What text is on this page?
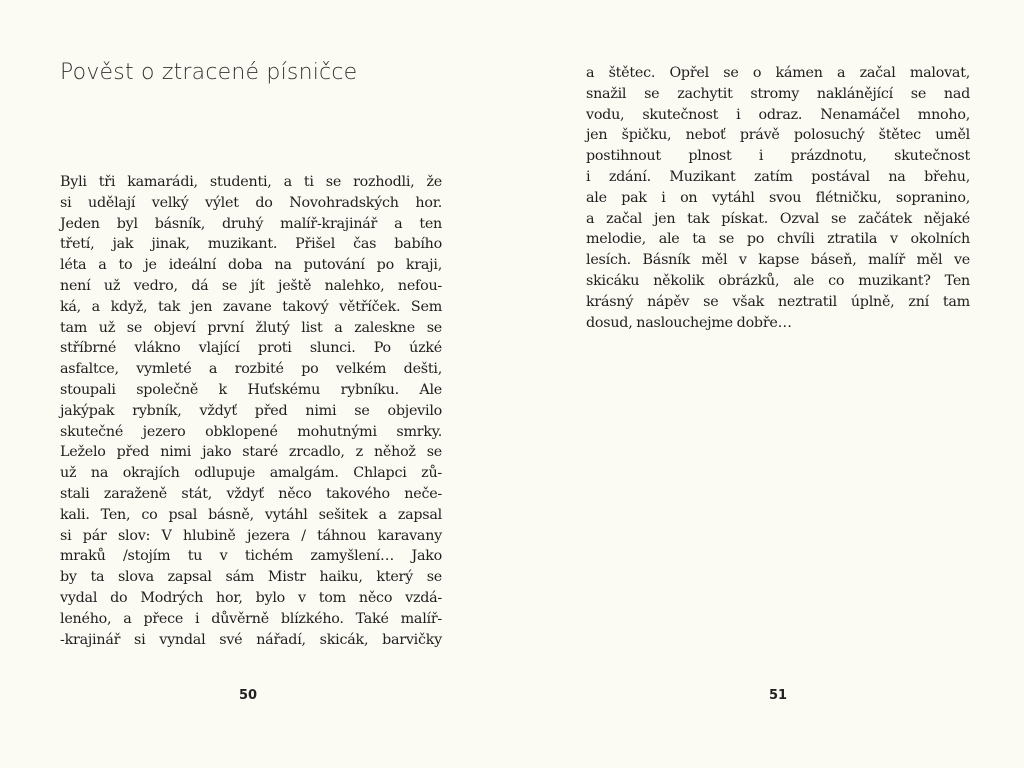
Pověst o ztracené písničce
Byli tři kamarádi, studenti, a ti se rozhodli, že
si udělají velký výlet do Novohradských hor.
Jeden byl básník, druhý malíř-krajinář a ten
třetí, jak jinak, muzikant. Přišel čas babího
léta a to je ideální doba na putování po kraji,
není už vedro, dá se jít ještě nalehko, nefou-
ká, a když, tak jen zavane takový větříček. Sem
tam už se objeví první žlutý list a zaleskne se
stříbrné vlákno vlající proti slunci. Po úzké
asfaltce, vymleté a rozbité po velkém dešti,
stoupali společně k Huťskému rybníku. Ale
jakýpak rybník, vždyť před nimi se objevilo
skutečné jezero obklopené mohutnými smrky.
Leželo před nimi jako staré zrcadlo, z něhož se
už na okrajích odlupuje amalgám. Chlapci zů-
stali zaraženě stát, vždyť něco takového neče-
kali. Ten, co psal básně, vytáhl sešitek a zapsal
si pár slov: V hlubině jezera / táhnou karavany
mraků /stojím tu v tichém zamyšlení… Jako
by ta slova zapsal sám Mistr haiku, který se
vydal do Modrých hor, bylo v tom něco vzdá-
leného, a přece i důvěrně blízkého. Také malíř-
-krajinář si vyndal své nářadí, skicák, barvičky
a štětec. Opřel se o kámen a začal malovat,
snažil se zachytit stromy naklánějící se nad
vodu, skutečnost i odraz. Nenamáčel mnoho,
jen špičku, neboť právě polosuchý štětec uměl
postihnout plnost i prázdnotu, skutečnost
i zdání. Muzikant zatím postával na břehu,
ale pak i on vytáhl svou flétničku, sopranino,
a začal jen tak pískat. Ozval se začátek nějaké
melodie, ale ta se po chvíli ztratila v okolních
lesích. Básník měl v kapse báseň, malíř měl ve
skicáku několik obrázků, ale co muzikant? Ten
krásný nápěv se však neztratil úplně, zní tam
dosud, naslouchejme dobře…
50	51
